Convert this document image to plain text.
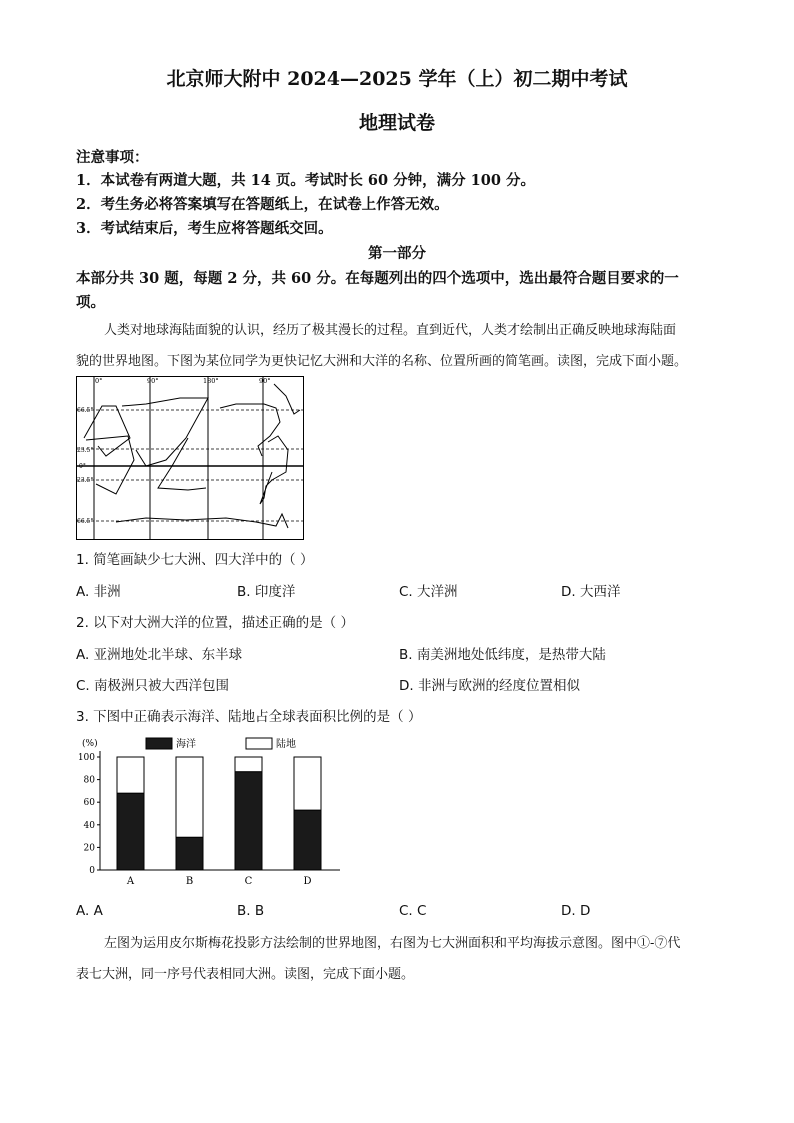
北京师大附中 2024—2025 学年（上）初二期中考试
地理试卷
注意事项：
1．本试卷有两道大题，共 14 页。考试时长 60 分钟，满分 100 分。
2．考生务必将答案填写在答题纸上，在试卷上作答无效。
3．考试结束后，考生应将答题纸交回。
第一部分
本部分共 30 题，每题 2 分，共 60 分。在每题列出的四个选项中，选出最符合题目要求的一
项。
人类对地球海陆面貌的认识，经历了极其漫长的过程。直到近代，人类才绘制出正确反映地球海陆面
貌的世界地图。下图为某位同学为更快记忆大洲和大洋的名称、位置所画的简笔画。读图，完成下面小题。
0°	90°	180°	90°
66.5°
23.5°
0°
23.5°
66.5°
1. 简笔画缺少七大洲、四大洋中的（ ）
A. 非洲	B. 印度洋	C. 大洋洲	D. 大西洋
2. 以下对大洲大洋的位置，描述正确的是（ ）
A. 亚洲地处北半球、东半球	B. 南美洲地处低纬度，是热带大陆
C. 南极洲只被大西洋包围	D. 非洲与欧洲的经度位置相似
3. 下图中正确表示海洋、陆地占全球表面积比例的是（ ）
(%)
0
20
40
60
80
100
海洋	陆地
A	B	C	D
A. A	B. B	C. C	D. D
左图为运用皮尔斯梅花投影方法绘制的世界地图，右图为七大洲面积和平均海拔示意图。图中①-⑦代
表七大洲，同一序号代表相同大洲。读图，完成下面小题。
